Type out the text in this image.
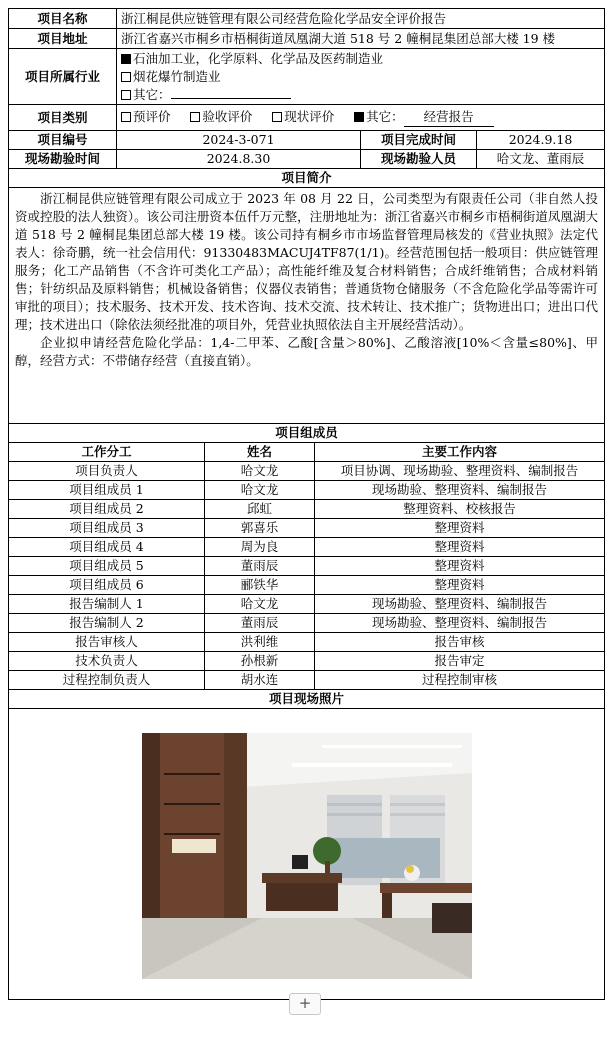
项目名称	浙江桐昆供应链管理有限公司经营危险化学品安全评价报告		
项目地址	浙江省嘉兴市桐乡市梧桐街道凤凰湖大道 518 号 2 幢桐昆集团总部大楼 19 楼		
项目所属行业	石油加工业，化学原料、化学品及医药制造业
烟花爆竹制造业
其它：		

项目类别	预评价 验收评价 现状评价 其它： 经营报告		
项目编号	2024-3-071	项目完成时间	2024.9.18
现场勘验时间	2024.8.30	现场勘验人员	哈文龙、董雨辰
项目简介			

浙江桐昆供应链管理有限公司成立于 2023 年 08 月 22 日，公司类型为有限责任公司（非自然人投资或控股的法人独资）。该公司注册资本伍仟万元整，注册地址为：浙江省嘉兴市桐乡市梧桐街道凤凰湖大道 518 号 2 幢桐昆集团总部大楼 19 楼。该公司持有桐乡市市场监督管理局核发的《营业执照》法定代表人：徐奇鹏，统一社会信用代：91330483MACUJ4TF87(1/1)。经营范围包括一般项目：供应链管理服务；化工产品销售（不含许可类化工产品）；高性能纤维及复合材料销售；合成纤维销售；合成材料销售；针纺织品及原料销售；机械设备销售；仪器仪表销售；普通货物仓储服务（不含危险化学品等需许可审批的项目）；技术服务、技术开发、技术咨询、技术交流、技术转让、技术推广；货物进出口；进出口代理；技术进出口（除依法须经批准的项目外，凭营业执照依法自主开展经营活动）。

企业拟申请经营危险化学品：1,4-二甲苯、乙酸[含量＞80%]、乙酸溶液[10%＜含量≤80%]、甲醇，经营方式：不带储存经营（直接直销）。			

项目组成员			
工作分工	姓名	主要工作内容
项目负责人	哈文龙	项目协调、现场勘验、整理资料、编制报告
项目组成员 1	哈文龙	现场勘验、整理资料、编制报告
项目组成员 2	邱虹	整理资料、校核报告
项目组成员 3	郭喜乐	整理资料
项目组成员 4	周为良	整理资料
项目组成员 5	董雨辰	整理资料
项目组成员 6	郦铁华	整理资料
报告编制人 1	哈文龙	现场勘验、整理资料、编制报告
报告编制人 2	董雨辰	现场勘验、整理资料、编制报告
报告审核人	洪利维	报告审核
技术负责人	孙根新	报告审定
过程控制负责人	胡水连	过程控制审核
项目现场照片		

+
